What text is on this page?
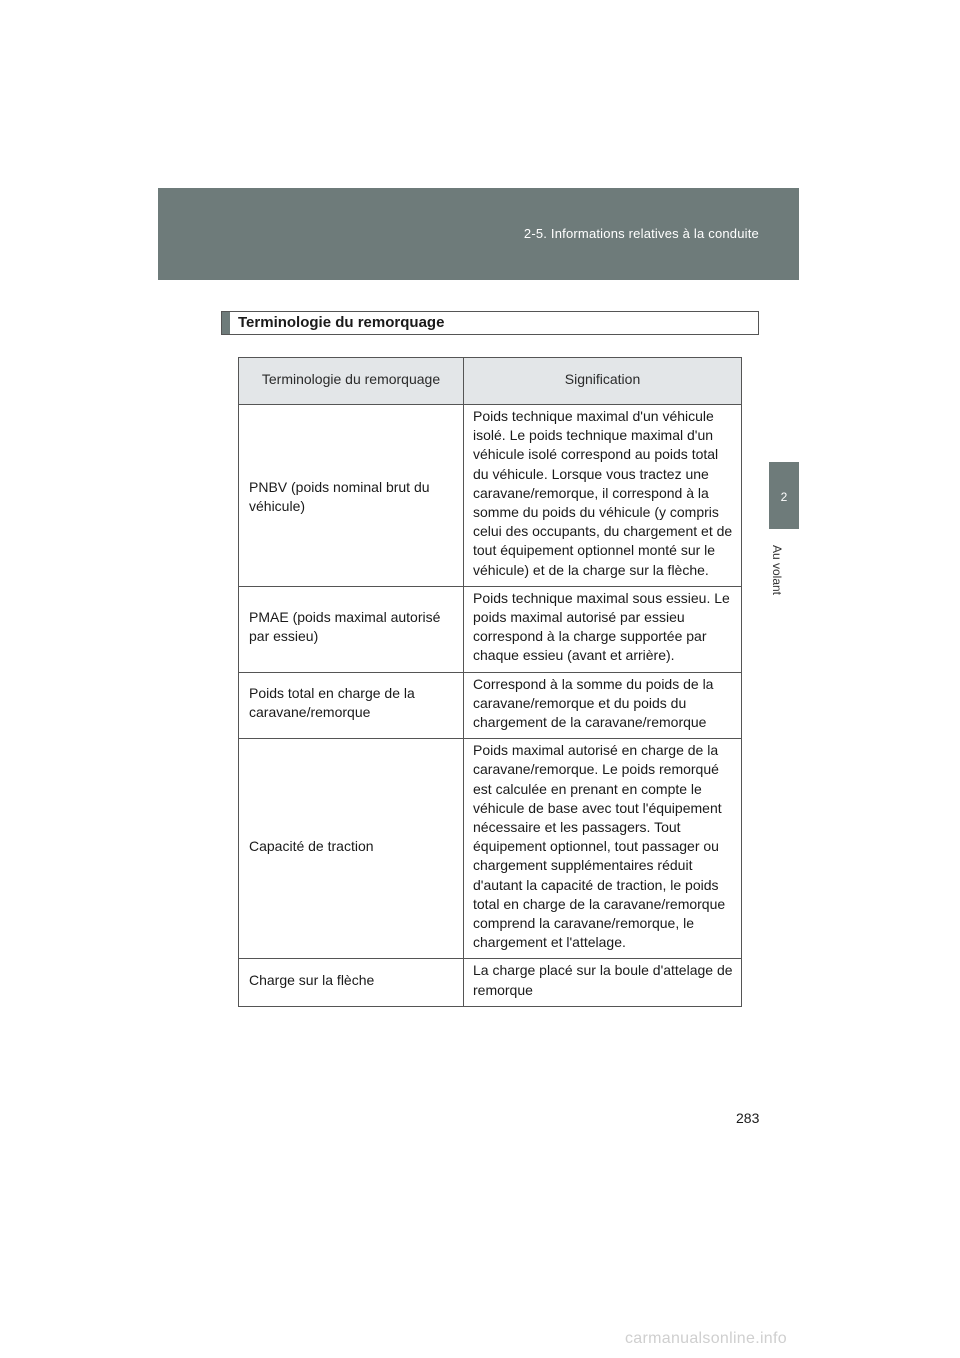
2-5. Informations relatives à la conduite
2
Au volant
Terminologie du remorquage
Terminologie du remorquage	Signification
PNBV (poids nominal brut du véhicule)	Poids technique maximal d'un véhicule isolé. Le poids technique maximal d'un véhicule isolé correspond au poids total du véhicule. Lorsque vous tractez une caravane/remorque, il correspond à la somme du poids du véhicule (y compris celui des occupants, du chargement et de tout équipement optionnel monté sur le véhicule) et de la charge sur la flèche.
PMAE (poids maximal autorisé par essieu)	Poids technique maximal sous essieu. Le poids maximal autorisé par essieu correspond à la charge supportée par chaque essieu (avant et arrière).
Poids total en charge de la caravane/remorque	Correspond à la somme du poids de la caravane/remorque et du poids du chargement de la caravane/remorque
Capacité de traction	Poids maximal autorisé en charge de la caravane/remorque. Le poids remorqué est calculée en prenant en compte le véhicule de base avec tout l'équipement nécessaire et les passagers. Tout équipement optionnel, tout passager ou chargement supplémentaires réduit d'autant la capacité de traction, le poids total en charge de la caravane/remorque comprend la caravane/remorque, le chargement et l'attelage.
Charge sur la flèche	La charge placé sur la boule d'attelage de remorque
283
carmanualsonline.info
